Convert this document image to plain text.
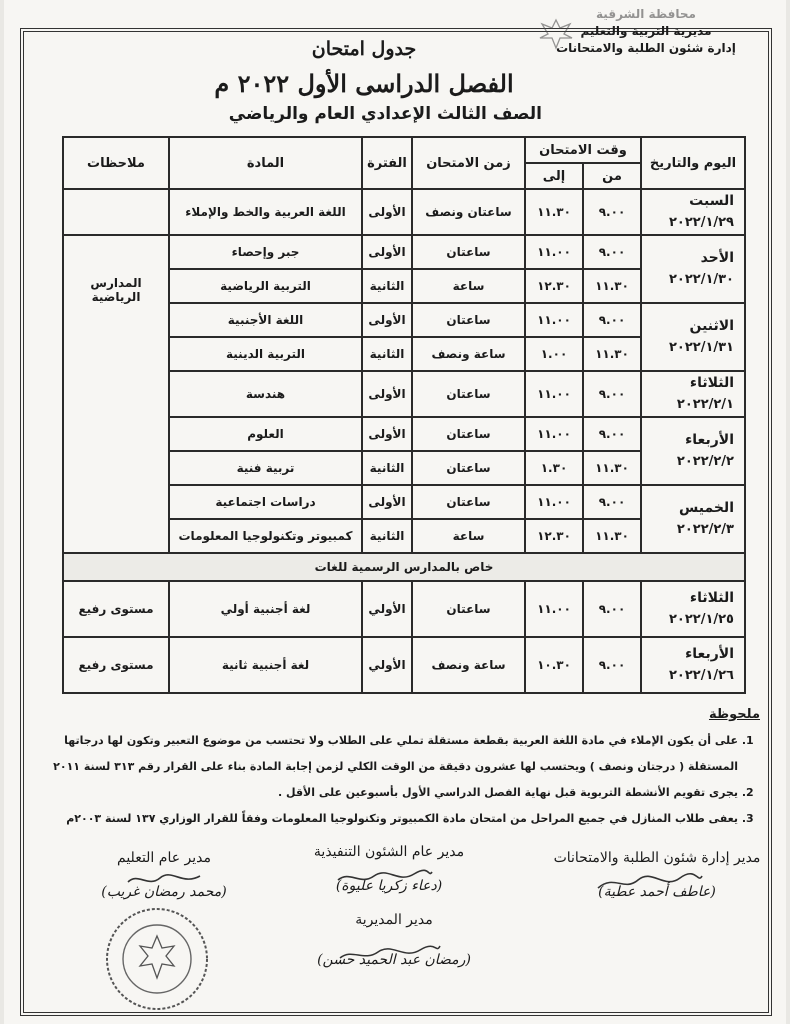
محافظة الشرقية
مديرية التربية والتعليم
إدارة شئون الطلبة والامتحانات
جدول امتحان
الفصل الدراسى الأول ٢٠٢٢ م
الصف الثالث الإعدادي العام والرياضي
اليوم والتاريخ	وقت الامتحان		زمن الامتحان	الفترة	المادة	ملاحظات
	من	إلى				

السبت
٢٠٢٢/١/٢٩	٩.٠٠	١١.٣٠	ساعتان ونصف	الأولى	اللغة العربية والخط والإملاء	

الأحد
٢٠٢٢/١/٣٠	٩.٠٠	١١.٠٠	ساعتان	الأولى	جبر وإحصاء	المدارس الرياضية
	١١.٣٠	١٢.٣٠	ساعة	الثانية	التربية الرياضية	

الاثنين
٢٠٢٢/١/٣١	٩.٠٠	١١.٠٠	ساعتان	الأولى	اللغة الأجنبية	
	١١.٣٠	١.٠٠	ساعة ونصف	الثانية	التربية الدينية	

الثلاثاء
٢٠٢٢/٢/١	٩.٠٠	١١.٠٠	ساعتان	الأولى	هندسة	

الأربعاء
٢٠٢٢/٢/٢	٩.٠٠	١١.٠٠	ساعتان	الأولى	العلوم	
	١١.٣٠	١.٣٠	ساعتان	الثانية	تربية فنية	

الخميس
٢٠٢٢/٢/٣	٩.٠٠	١١.٠٠	ساعتان	الأولى	دراسات اجتماعية	
	١١.٣٠	١٢.٣٠	ساعة	الثانية	كمبيوتر وتكنولوجيا المعلومات	
خاص بالمدارس الرسمية للغات						

الثلاثاء
٢٠٢٢/١/٢٥	٩.٠٠	١١.٠٠	ساعتان	الأولي	لغة أجنبية أولي	مستوى رفيع

الأربعاء
٢٠٢٢/١/٢٦	٩.٠٠	١٠.٣٠	ساعة ونصف	الأولي	لغة أجنبية ثانية	مستوى رفيع
ملحوظة
1. على أن يكون الإملاء في مادة اللغة العربية بقطعة مستقلة تملي على الطلاب ولا تحتسب من موضوع التعبير وتكون لها درجاتها المستقلة ( درجتان ونصف ) ويحتسب لها عشرون دقيقة من الوقت الكلي لزمن إجابة المادة بناء على القرار رقم ٣١٣ لسنة ٢٠١١
2. يجرى تقويم الأنشطة التربوية قبل نهاية الفصل الدراسي الأول بأسبوعين على الأقل .
3. يعفى طلاب المنازل في جميع المراحل من امتحان مادة الكمبيوتر وتكنولوجيا المعلومات وفقاً للقرار الوزاري ١٣٧ لسنة ٢٠٠٣م
مدير إدارة شئون الطلبة والامتحانات
(عاطف أحمد عطية)
مدير عام الشئون التنفيذية
(دعاء زكريا عليوة)
مدير عام التعليم
(محمد رمضان غريب)
مدير المديرية
(رمضان عبد الحميد حسن)
